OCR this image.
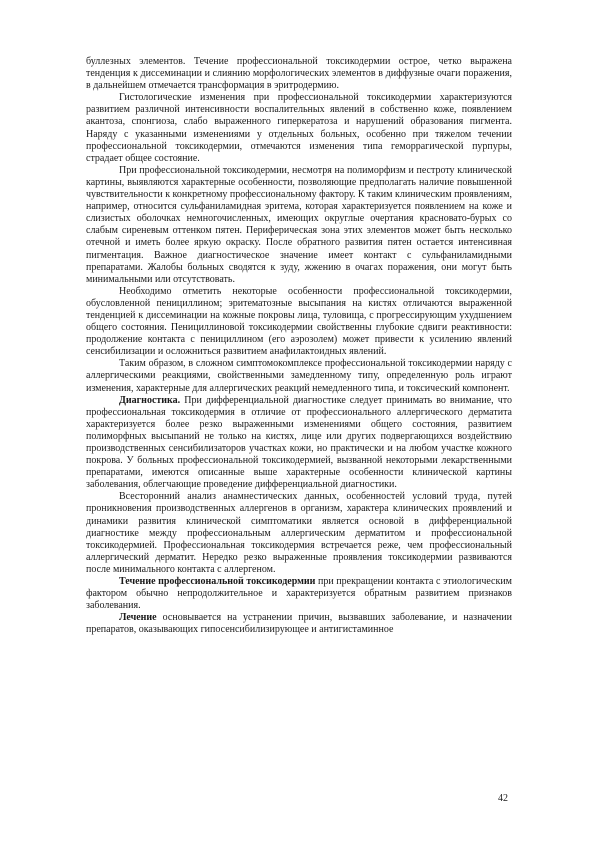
буллезных элементов. Течение профессиональной токсикодермии острое, четко выражена тенденция к диссеминации и слиянию морфологических элементов в диффузные очаги поражения, в дальнейшем отмечается трансформация в эритродермию.

Гистологические изменения при профессиональной токсикодермии характеризуются развитием различной интенсивности воспалительных явлений в собственно коже, появлением акантоза, спонгиоза, слабо выраженного гиперкератоза и нарушений образования пигмента. Наряду с указанными изменениями у отдельных больных, особенно при тяжелом течении профессиональной токсикодермии, отмечаются изменения типа геморрагической пурпуры, страдает общее состояние.

При профессиональной токсикодермии, несмотря на полиморфизм и пестроту клинической картины, выявляются характерные особенности, позволяющие предполагать наличие повышенной чувствительности к конкретному профессиональному фактору. К таким клиническим проявлениям, например, относится сульфаниламидная эритема, которая характеризуется появлением на коже и слизистых оболочках немногочисленных, имеющих округлые очертания красновато-бурых со слабым сиреневым оттенком пятен. Периферическая зона этих элементов может быть несколько отечной и иметь более яркую окраску. После обратного развития пятен остается интенсивная пигментация. Важное диагностическое значение имеет контакт с сульфаниламидными препаратами. Жалобы больных сводятся к зуду, жжению в очагах поражения, они могут быть минимальными или отсутствовать.

Необходимо отметить некоторые особенности профессиональной токсикодермии, обусловленной пенициллином; эритематозные высыпания на кистях отличаются выраженной тенденцией к диссеминации на кожные покровы лица, туловища, с прогрессирующим ухудшением общего состояния. Пенициллиновой токсикодермии свойственны глубокие сдвиги реактивности: продолжение контакта с пенициллином (его аэрозолем) может привести к усилению явлений сенсибилизации и осложниться развитием анафилактоидных явлений.

Таким образом, в сложном симптомокомплексе профессиональной токсикодермии наряду с аллергическими реакциями, свойственными замедленному типу, определенную роль играют изменения, характерные для аллергических реакций немедленного типа, и токсический компонент.

Диагностика. При дифференциальной диагностике следует принимать во внимание, что профессиональная токсикодермия в отличие от профессионального аллергического дерматита характеризуется более резко выраженными изменениями общего состояния, развитием полиморфных высыпаний не только на кистях, лице или других подвергающихся воздействию производственных сенсибилизаторов участках кожи, но практически и на любом участке кожного покрова. У больных профессиональной токсикодермией, вызванной некоторыми лекарственными препаратами, имеются описанные выше характерные особенности клинической картины заболевания, облегчающие проведение дифференциальной диагностики.

Всесторонний анализ анамнестических данных, особенностей условий труда, путей проникновения производственных аллергенов в организм, характера клинических проявлений и динамики развития клинической симптоматики является основой в дифференциальной диагностике между профессиональным аллергическим дерматитом и профессиональной токсикодермией. Профессиональная токсикодермия встречается реже, чем профессиональный аллергический дерматит. Нередко резко выраженные проявления токсикодермии развиваются после минимального контакта с аллергеном.

Течение профессиональной токсикодермии при прекращении контакта с этиологическим фактором обычно непродолжительное и характеризуется обратным развитием признаков заболевания.

Лечение основывается на устранении причин, вызвавших заболевание, и назначении препаратов, оказывающих гипосенсибилизирующее и антигистаминное

42
